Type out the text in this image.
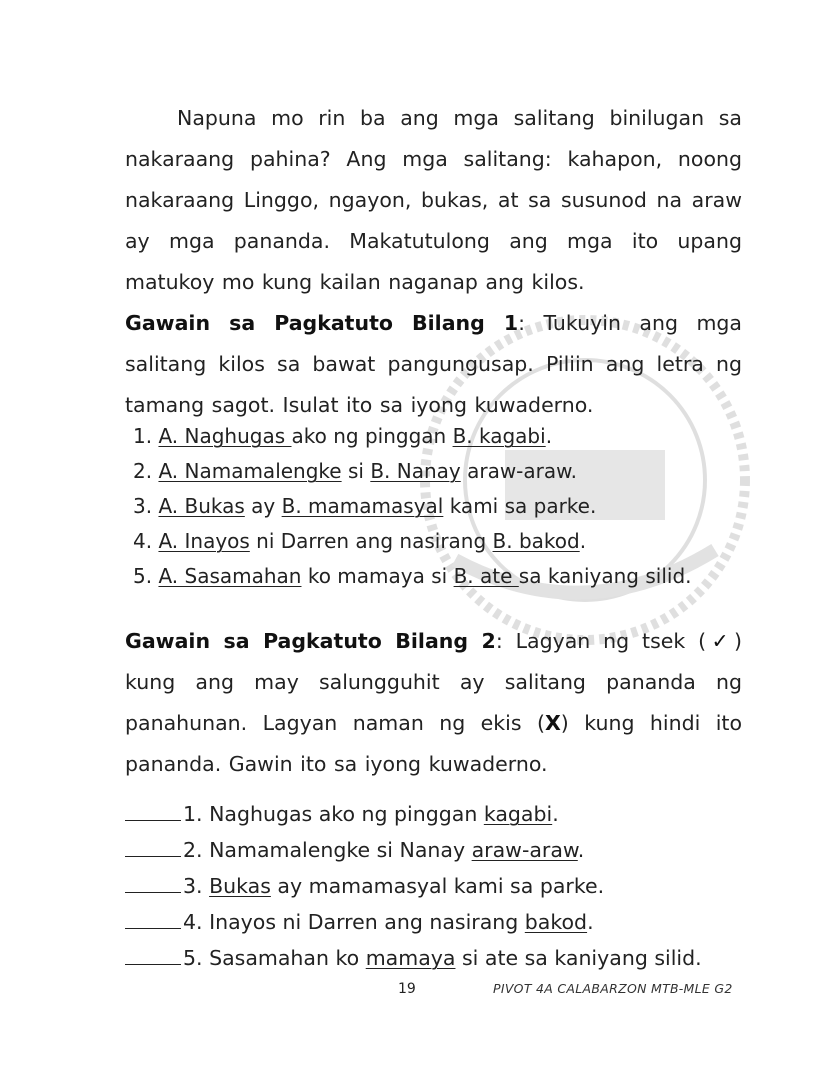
Napuna mo rin ba ang mga salitang binilugan sa nakaraang pahina? Ang mga salitang: kahapon, noong nakaraang Linggo, ngayon, bukas, at sa susunod na araw ay mga pananda. Makatutulong ang mga ito upang matukoy mo kung kailan naganap ang kilos.
Gawain sa Pagkatuto Bilang 1: Tukuyin ang mga salitang kilos sa bawat pangungusap. Piliin ang letra ng tamang sagot. Isulat ito sa iyong kuwaderno.
1. A. Naghugas ako ng pinggan B. kagabi.
2. A. Namamalengke si B. Nanay araw-araw.
3. A. Bukas ay B. mamamasyal kami sa parke.
4. A. Inayos ni Darren ang nasirang B. bakod.
5. A. Sasamahan ko mamaya si B. ate sa kaniyang silid.
Gawain sa Pagkatuto Bilang 2: Lagyan ng tsek (✓) kung ang may salungguhit ay salitang pananda ng panahunan. Lagyan naman ng ekis (X) kung hindi ito pananda. Gawin ito sa iyong kuwaderno.
1. Naghugas ako ng pinggan kagabi.
2. Namamalengke si Nanay araw-araw.
3. Bukas ay mamamasyal kami sa parke.
4. Inayos ni Darren ang nasirang bakod.
5. Sasamahan ko mamaya si ate sa kaniyang silid.
19	PIVOT 4A CALABARZON MTB-MLE G2
